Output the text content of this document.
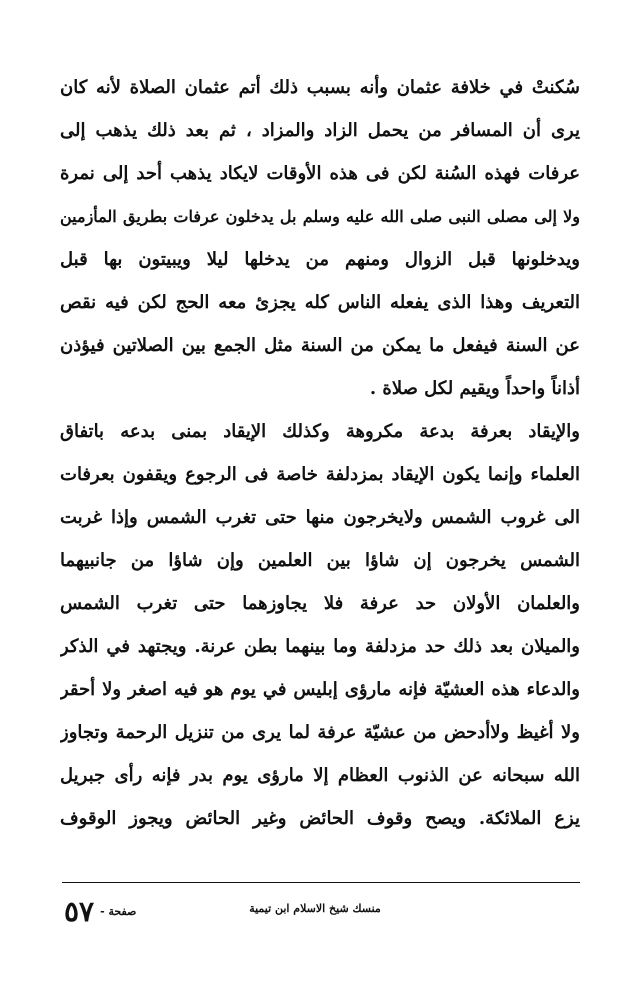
سُكنتْ في خلافة عثمان وأنه بسبب ذلك أتم عثمان الصلاة لأنه كان
يرى أن المسافر من يحمل الزاد والمزاد ، ثم بعد ذلك يذهب إلى
عرفات فهذه السُنة لكن فى هذه الأوقات لايكاد يذهب أحد إلى نمرة
ولا إلى مصلى النبى صلى الله عليه وسلم بل يدخلون عرفات بطريق المأزمين
ويدخلونها قبل الزوال ومنهم من يدخلها ليلا ويبيتون بها قبل
التعريف وهذا الذى يفعله الناس كله يجزئ معه الحج لكن فيه نقص
عن السنة فيفعل ما يمكن من السنة مثل الجمع بين الصلاتين فيؤذن
أذاناً واحداً ويقيم لكل صلاة .
والإيقاد بعرفة بدعة مكروهة وكذلك الإيقاد بمنى بدعه باتفاق
العلماء وإنما يكون الإيقاد بمزدلفة خاصة فى الرجوع ويقفون بعرفات
الى غروب الشمس ولايخرجون منها حتى تغرب الشمس وإذا غربت
الشمس يخرجون إن شاؤا بين العلمين وإن شاؤا من جانبيهما
والعلمان الأولان حد عرفة فلا يجاوزهما حتى تغرب الشمس
والميلان بعد ذلك حد مزدلفة وما بينهما بطن عرنة. ويجتهد في الذكر
والدعاء هذه العشيّة فإنه مارؤى إبليس في يوم هو فيه اصغر ولا أحقر
ولا أغيظ ولاأدحض من عشيّة عرفة لما يرى من تنزيل الرحمة وتجاوز
الله سبحانه عن الذنوب العظام إلا مارؤى يوم بدر فإنه رأى جبريل
يزع الملائكة. ويصح وقوف الحائض وغير الحائض ويجوز الوقوف
منسك شيخ الاسلام ابن تيمية
٥٧ صفحة -
